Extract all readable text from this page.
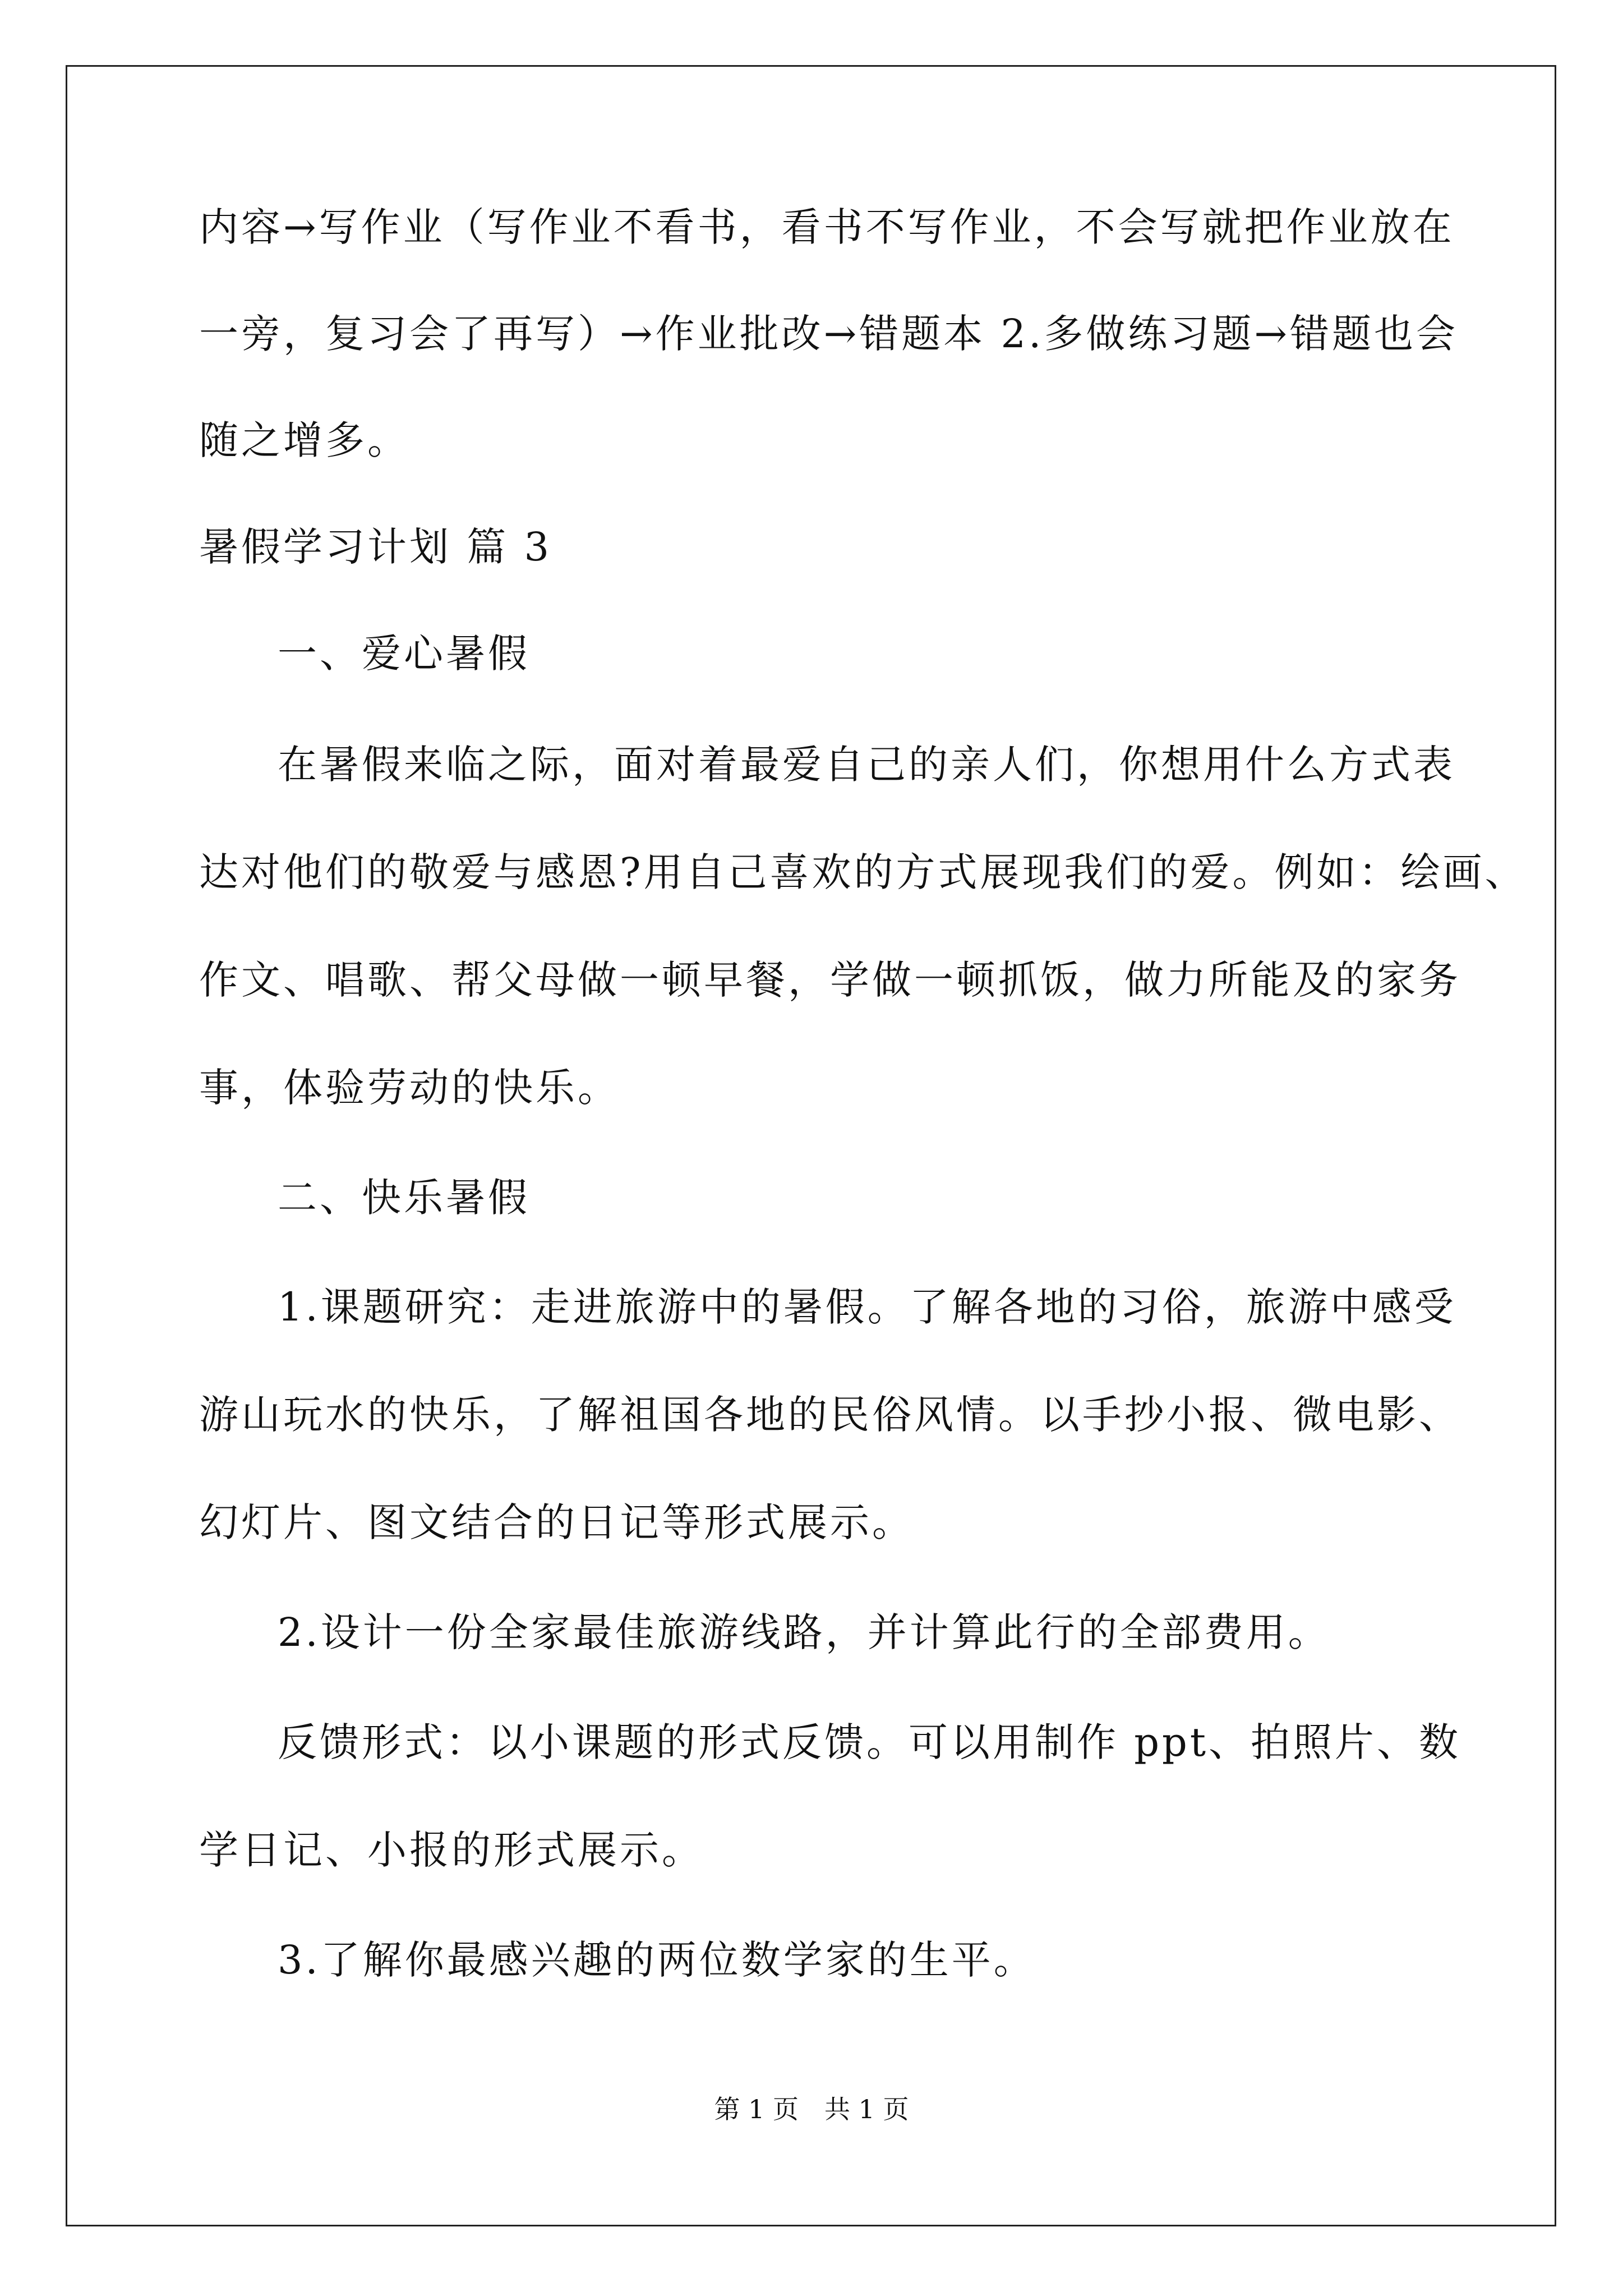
内容→写作业（写作业不看书，看书不写作业，不会写就把作业放在
一旁，复习会了再写）→作业批改→错题本 2.多做练习题→错题也会
随之增多。
暑假学习计划 篇 3
一、爱心暑假
在暑假来临之际，面对着最爱自己的亲人们，你想用什么方式表
达对他们的敬爱与感恩?用自己喜欢的方式展现我们的爱。例如：绘画、
作文、唱歌、帮父母做一顿早餐，学做一顿抓饭，做力所能及的家务
事，体验劳动的快乐。
二、快乐暑假
1.课题研究：走进旅游中的暑假。了解各地的习俗，旅游中感受
游山玩水的快乐，了解祖国各地的民俗风情。以手抄小报、微电影、
幻灯片、图文结合的日记等形式展示。
2.设计一份全家最佳旅游线路，并计算此行的全部费用。
反馈形式：以小课题的形式反馈。可以用制作 ppt、拍照片、数
学日记、小报的形式展示。
3.了解你最感兴趣的两位数学家的生平。
第 1 页　共 1 页
